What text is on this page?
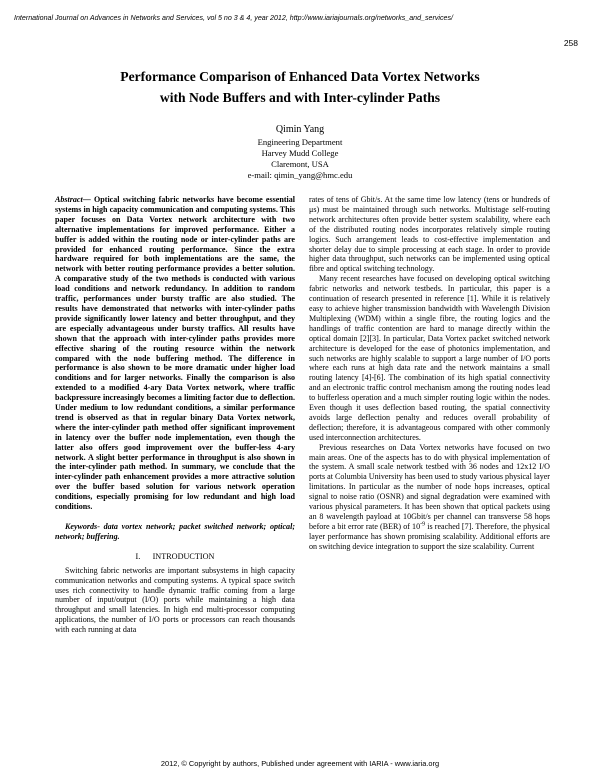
International Journal on Advances in Networks and Services, vol 5 no 3 & 4, year 2012, http://www.iariajournals.org/networks_and_services/
258
Performance Comparison of Enhanced Data Vortex Networks
with Node Buffers and with Inter-cylinder Paths
Qimin Yang
Engineering Department
Harvey Mudd College
Claremont, USA
e-mail: qimin_yang@hmc.edu

Abstract— Optical switching fabric networks have become essential systems in high capacity communication and computing systems. This paper focuses on Data Vortex network architecture with two alternative implementations for improved performance. Either a buffer is added within the routing node or inter-cylinder paths are provided for enhanced routing performance. Since the extra hardware required for both implementations are the same, the network with better routing performance provides a better solution. A comparative study of the two methods is conducted with various load conditions and network redundancy. In addition to random traffic, performances under bursty traffic are also studied. The results have demonstrated that networks with inter-cylinder paths provide significantly lower latency and better throughput, and they are especially advantageous under bursty traffics. All results have shown that the approach with inter-cylinder paths provides more effective sharing of the routing resource within the network compared with the node buffering method. The difference in performance is also shown to be more dramatic under higher load conditions and for larger networks. Finally the comparison is also extended to a modified 4-ary Data Vortex network, where traffic backpressure increasingly becomes a limiting factor due to deflection. Under medium to low redundant conditions, a similar performance trend is observed as that in regular binary Data Vortex network, where the inter-cylinder path method offer significant improvement in latency over the buffer node implementation, even though the latter also offers good improvement over the buffer-less 4-ary network. A slight better performance in throughput is also shown in the inter-cylinder path method. In summary, we conclude that the inter-cylinder path enhancement provides a more attractive solution over the buffer based solution for various network operation conditions, especially promising for low redundant and high load conditions.

Keywords- data vortex network; packet switched network; optical; network; buffering.

I.      INTRODUCTION

Switching fabric networks are important subsystems in high capacity communication networks and computing systems. A typical space switch uses rich connectivity to handle dynamic traffic coming from a large number of input/output (I/O) ports while maintaining a high data throughput and small latencies. In high end multi-processor computing applications, the number of I/O ports or processors can reach thousands with each running at data

rates of tens of Gbit/s. At the same time low latency (tens or hundreds of μs) must be maintained through such networks. Multistage self-routing network architectures often provide better system scalability, where each of the distributed routing nodes incorporates relatively simple routing logics. Such arrangement leads to cost-effective implementation and shorter delay due to simple processing at each stage. In order to provide higher data throughput, such networks can be implemented using optical fibre and optical switching technology.

Many recent researches have focused on developing optical switching fabric networks and network testbeds. In particular, this paper is a continuation of research presented in reference [1]. While it is relatively easy to achieve higher transmission bandwidth with Wavelength Division Multiplexing (WDM) within a single fibre, the routing logics and the handlings of traffic contention are hard to manage directly within the optical domain [2][3]. In particular, Data Vortex packet switched network architecture is developed for the ease of photonics implementation, and such networks are highly scalable to support a large number of I/O ports where each runs at high data rate and the network maintains a small routing latency [4]-[6]. The combination of its high spatial connectivity and an electronic traffic control mechanism among the routing nodes lead to bufferless operation and a much simpler routing logic within the nodes. Even though it uses deflection based routing, the spatial connectivity avoids large deflection penalty and reduces overall probability of deflection; therefore, it is advantageous compared with other commonly used interconnection architectures.

Previous researches on Data Vortex networks have focused on two main areas. One of the aspects has to do with physical implementation of the system. A small scale network testbed with 36 nodes and 12x12 I/O ports at Columbia University has been used to study various physical layer limitations. In particular as the number of node hops increases, optical signal to noise ratio (OSNR) and signal degradation were examined with various physical parameters. It has been shown that optical packets using an 8 wavelength payload at 10Gbit/s per channel can transverse 58 hops before a bit error rate (BER) of $10^{-9}$ is reached [7]. Therefore, the physical layer performance has shown promising scalability. Additional efforts are on switching device integration to support the size scalability. Current

2012, © Copyright by authors, Published under agreement with IARIA - www.iaria.org
